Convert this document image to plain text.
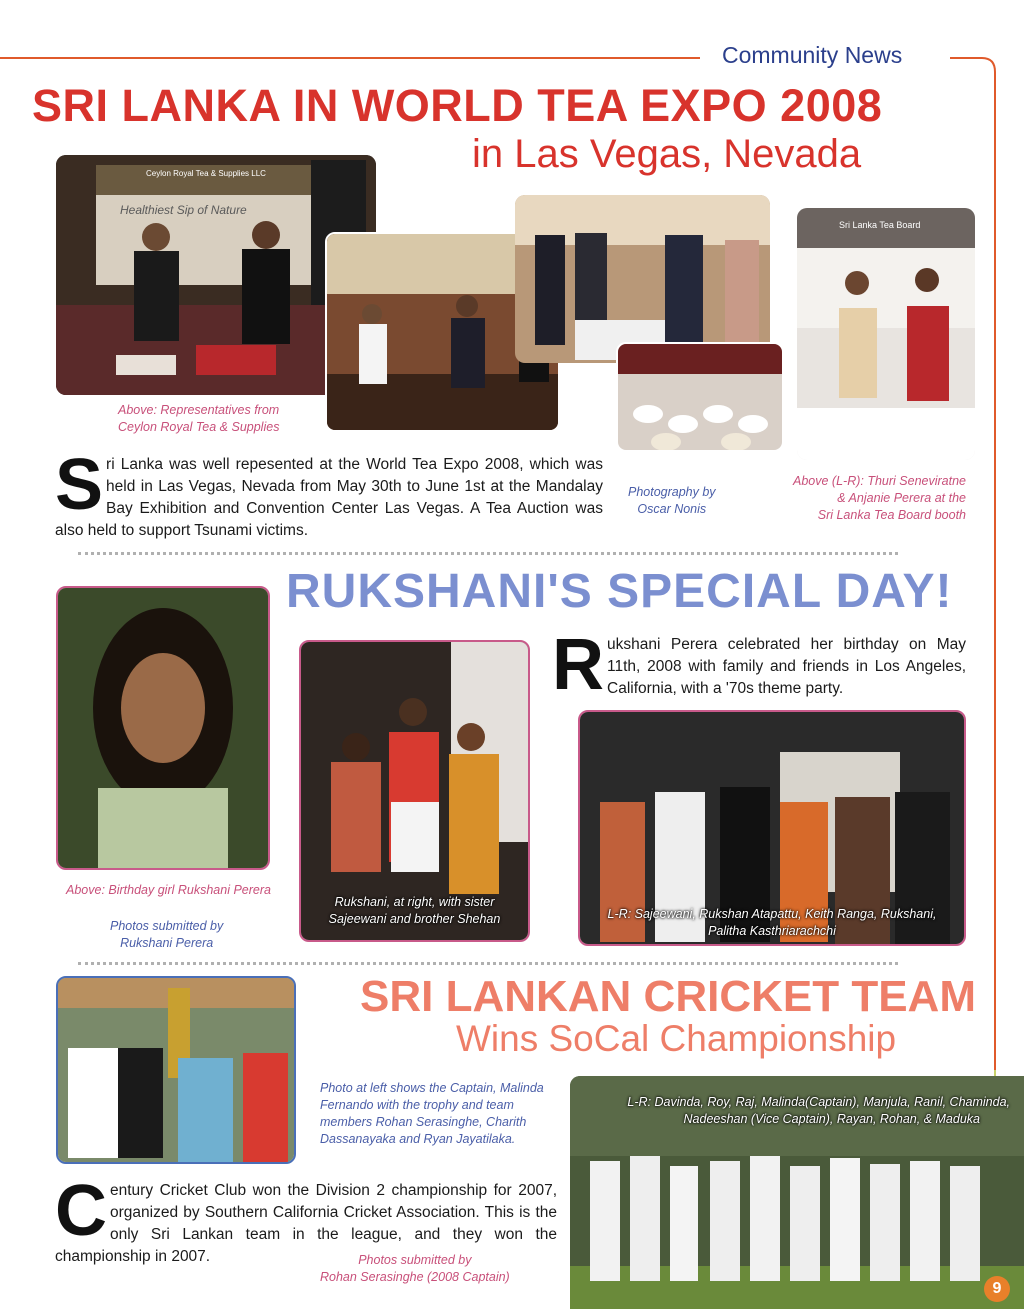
Community News
SRI LANKA IN WORLD TEA EXPO 2008
in Las Vegas, Nevada
Ceylon Royal Tea & Supplies LLC
Healthiest Sip of Nature
Above: Representatives from
Ceylon Royal Tea & Supplies
Sri Lanka Tea Board
Photography by
Oscar Nonis
Above (L-R): Thuri Seneviratne
& Anjanie Perera at the
Sri Lanka Tea Board booth
Sri Lanka was well repesented at the World Tea Expo 2008, which was held in Las Vegas, Nevada from May 30th to June 1st at the Mandalay Bay Exhibition and Convention Center Las Vegas. A Tea Auction was also held to support Tsunami victims.
RUKSHANI'S SPECIAL DAY!
Above: Birthday girl Rukshani Perera
Photos submitted by
Rukshani Perera
Rukshani, at right, with sister
Sajeewani and brother Shehan
Rukshani Perera celebrated her birthday on May 11th, 2008 with family and friends in Los Angeles, California, with a '70s theme party.
L-R: Sajeewani, Rukshan Atapattu, Keith Ranga, Rukshani,
Palitha Kasthriarachchi
SRI LANKAN CRICKET TEAM
Wins SoCal Championship
Photo at left shows the Captain, Malinda
Fernando with the trophy and team
members Rohan Serasinghe, Charith
Dassanayaka and Ryan Jayatilaka.
L-R: Davinda, Roy, Raj, Malinda(Captain), Manjula, Ranil, Chaminda,
Nadeeshan (Vice Captain), Rayan, Rohan, & Maduka
Century Cricket Club won the Division 2 championship for 2007, organized by Southern California Cricket Association. This is the only Sri Lankan team in the league, and they won the championship in 2007.	Photos submitted by
Rohan Serasinghe (2008 Captain)
9
